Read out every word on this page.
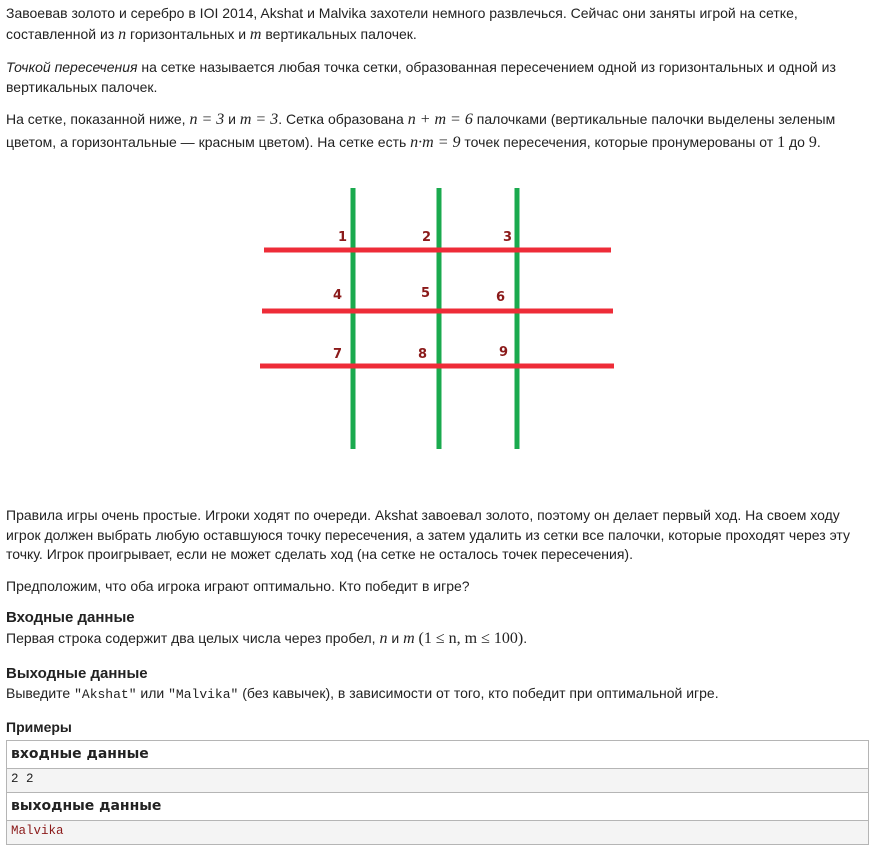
Завоевав золото и серебро в IOI 2014, Akshat и Malvika захотели немного развлечься. Сейчас они заняты игрой на сетке, составленной из n горизонтальных и m вертикальных палочек.

Точкой пересечения на сетке называется любая точка сетки, образованная пересечением одной из горизонтальных и одной из вертикальных палочек.

На сетке, показанной ниже, n = 3 и m = 3. Сетка образована n + m = 6 палочками (вертикальные палочки выделены зеленым цветом, а горизонтальные — красным цветом). На сетке есть n·m = 9 точек пересечения, которые пронумерованы от 1 до 9.

1	2	3
4	5	6
7	8	9

Правила игры очень простые. Игроки ходят по очереди. Akshat завоевал золото, поэтому он делает первый ход. На своем ходу игрок должен выбрать любую оставшуюся точку пересечения, а затем удалить из сетки все палочки, которые проходят через эту точку. Игрок проигрывает, если не может сделать ход (на сетке не осталось точек пересечения).

Предположим, что оба игрока играют оптимально. Кто победит в игре?

Входные данные
Первая строка содержит два целых числа через пробел, n и m (1 ≤ n, m ≤ 100).
Выходные данные
Выведите "Akshat" или "Malvika" (без кавычек), в зависимости от того, кто победит при оптимальной игре.
Примеры
входные данные
2 2
выходные данные
Malvika
